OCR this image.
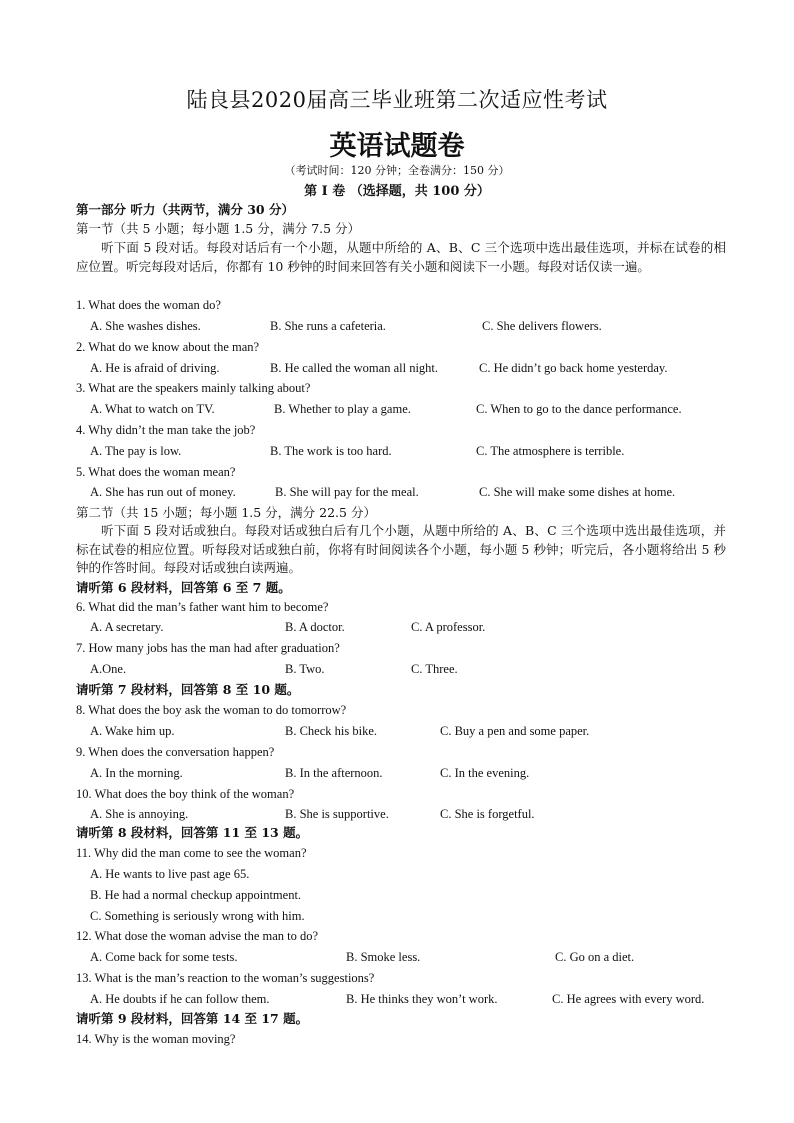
陆良县2020届高三毕业班第二次适应性考试
英语试题卷
（考试时间：120 分钟；全卷满分：150 分）
第 I 卷 （选择题，共 100 分）
第一部分 听力（共两节，满分 30 分）
第一节（共 5 小题；每小题 1.5 分，满分 7.5 分）
听下面 5 段对话。每段对话后有一个小题，从题中所给的 A、B、C 三个选项中选出最佳选项，并标在试卷的相应位置。听完每段对话后，你都有 10 秒钟的时间来回答有关小题和阅读下一小题。每段对话仅读一遍。
1. What does the woman do?
A. She washes dishes.	B. She runs a cafeteria.	C. She delivers flowers.
2. What do we know about the man?
A. He is afraid of driving.	B. He called the woman all night.	C. He didn’t go back home yesterday.
3. What are the speakers mainly talking about?
A. What to watch on TV.	B. Whether to play a game.	C. When to go to the dance performance.
4. Why didn’t the man take the job?
A. The pay is low.	B. The work is too hard.	C. The atmosphere is terrible.
5. What does the woman mean?
A. She has run out of money.	B. She will pay for the meal.	C. She will make some dishes at home.
第二节（共 15 小题；每小题 1.5 分，满分 22.5 分）
听下面 5 段对话或独白。每段对话或独白后有几个小题，从题中所给的 A、B、C 三个选项中选出最佳选项，并标在试卷的相应位置。听每段对话或独白前，你将有时间阅读各个小题，每小题 5 秒钟；听完后，各小题将给出 5 秒钟的作答时间。每段对话或独白读两遍。
请听第 6 段材料，回答第 6 至 7 题。
6. What did the man’s father want him to become?
A. A secretary.	B. A doctor.	C. A professor.
7. How many jobs has the man had after graduation?
A.One.	B. Two.	C. Three.
请听第 7 段材料，回答第 8 至 10 题。
8. What does the boy ask the woman to do tomorrow?
A. Wake him up.	B. Check his bike.	C. Buy a pen and some paper.
9. When does the conversation happen?
A. In the morning.	B. In the afternoon.	C. In the evening.
10. What does the boy think of the woman?
A. She is annoying.	B. She is supportive.	C. She is forgetful.
请听第 8 段材料，回答第 11 至 13 题。
11. Why did the man come to see the woman?
A. He wants to live past age 65.
B. He had a normal checkup appointment.
C. Something is seriously wrong with him.
12. What dose the woman advise the man to do?
A. Come back for some tests.	B. Smoke less.	C. Go on a diet.
13. What is the man’s reaction to the woman’s suggestions?
A. He doubts if he can follow them.	B. He thinks they won’t work.	C. He agrees with every word.
请听第 9 段材料，回答第 14 至 17 题。
14. Why is the woman moving?
